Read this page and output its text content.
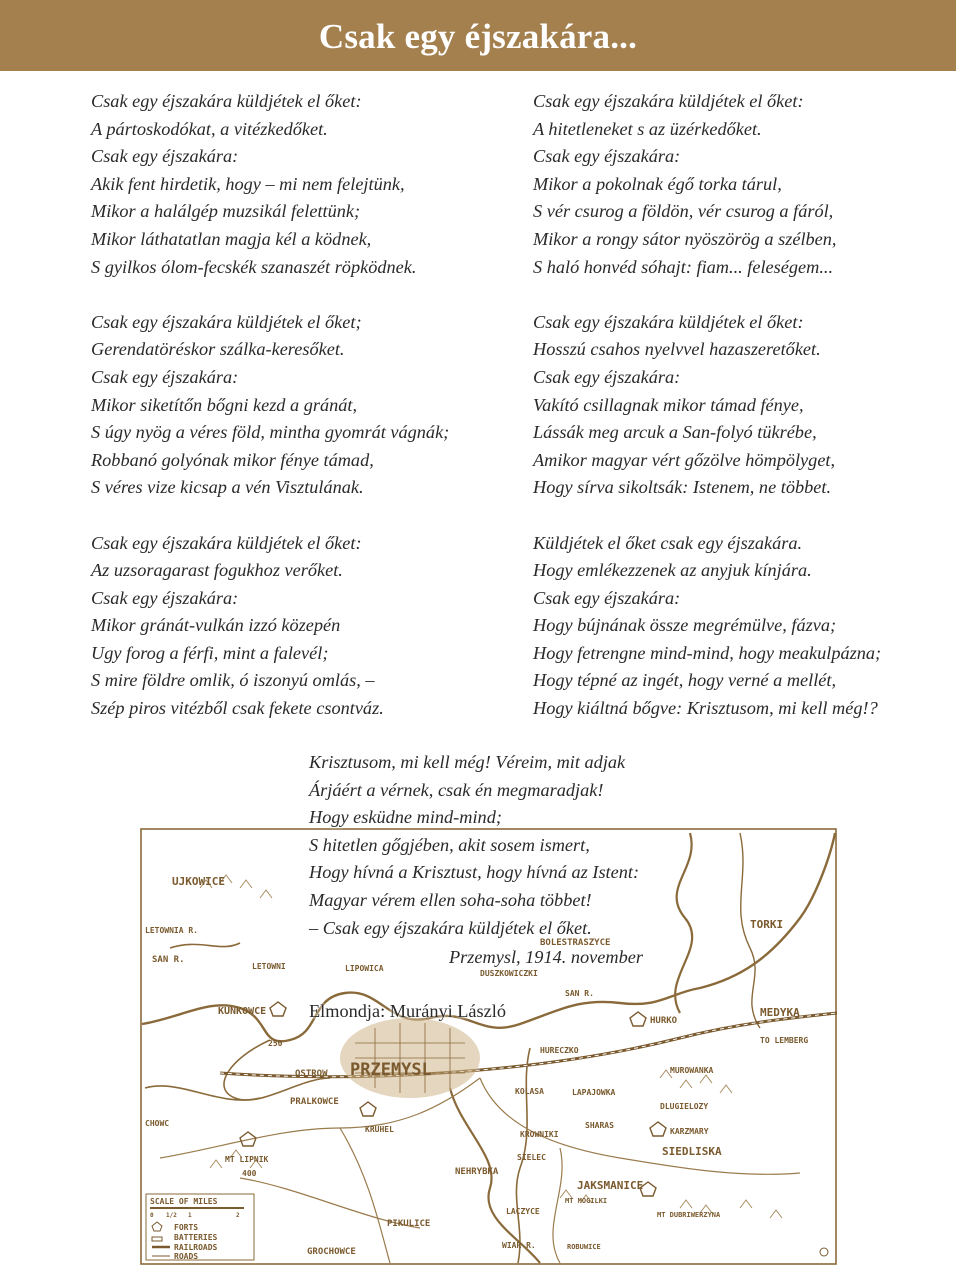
Csak egy éjszakára...
Csak egy éjszakára küldjétek el őket:
A pártoskodókat, a vitézkedőket.
Csak egy éjszakára:
Akik fent hirdetik, hogy – mi nem felejtünk,
Mikor a halálgép muzsikál felettünk;
Mikor láthatatlan magja kél a ködnek,
S gyilkos ólom-fecskék szanaszét röpködnek.
Csak egy éjszakára küldjétek el őket;
Gerendatöréskor szálka-keresőket.
Csak egy éjszakára:
Mikor siketítőn bőgni kezd a gránát,
S úgy nyög a véres föld, mintha gyomrát vágnák;
Robbanó golyónak mikor fénye támad,
S véres vize kicsap a vén Visztulának.
Csak egy éjszakára küldjétek el őket:
Az uzsoragarast fogukhoz verőket.
Csak egy éjszakára:
Mikor gránát-vulkán izzó közepén
Ugy forog a férfi, mint a falevél;
S mire földre omlik, ó iszonyú omlás, –
Szép piros vitézből csak fekete csontváz.
Csak egy éjszakára küldjétek el őket:
A hitetleneket s az üzérkedőket.
Csak egy éjszakára:
Mikor a pokolnak égő torka tárul,
S vér csurog a földön, vér csurog a fáról,
Mikor a rongy sátor nyöszörög a szélben,
S haló honvéd sóhajt: fiam... feleségem...
Csak egy éjszakára küldjétek el őket:
Hosszú csahos nyelvvel hazaszeretőket.
Csak egy éjszakára:
Vakító csillagnak mikor támad fénye,
Lássák meg arcuk a San-folyó tükrébe,
Amikor magyar vért gőzölve hömpölyget,
Hogy sírva sikoltsák: Istenem, ne többet.
Küldjétek el őket csak egy éjszakára.
Hogy emlékezzenek az anyjuk kínjára.
Csak egy éjszakára:
Hogy bújnának össze megrémülve, fázva;
Hogy fetrengne mind-mind, hogy meakulpázna;
Hogy tépné az ingét, hogy verné a mellét,
Hogy kiáltná bőgve: Krisztusom, mi kell még!?
UJKOWICE
LETOWNIA R.
SAN R.
LETOWNI	LIPOWICA
BOLESTRASZYCE
DUSZKOWICZKI
SAN R.
TORKI
MEDYKA
TO LEMBERG
HURKO
KUNKOWCE
250
PRZEMYSL
HURECZKO
OSTROW	MUROWANKA
PRALKOWCE
KOLASA	LAPAJOWKA
DLUGIELOZY
KRUHEL
KROWNIKI
SHARAS
KARZMARY
MT LIPNIK
400
SIELEC	SIEDLISKA
NEHRYBKA
JAKSMANICE
MT MOGILKI
MT DUBRIWERZYNA
LACZYCE
PIKULICE
GROCHOWCE	ROBUWICE
WIAR R.
CHOWC
SCALE OF MILES
0 1/2 1	2
FORTS
BATTERIES
RAILROADS
ROADS
Krisztusom, mi kell még! Véreim, mit adjak
Árjáért a vérnek, csak én megmaradjak!
Hogy esküdne mind-mind;
S hitetlen gőgjében, akit sosem ismert,
Hogy hívná a Krisztust, hogy hívná az Istent:
Magyar vérem ellen soha-soha többet!
– Csak egy éjszakára küldjétek el őket.
Przemysl, 1914. november
Elmondja: Murányi László
